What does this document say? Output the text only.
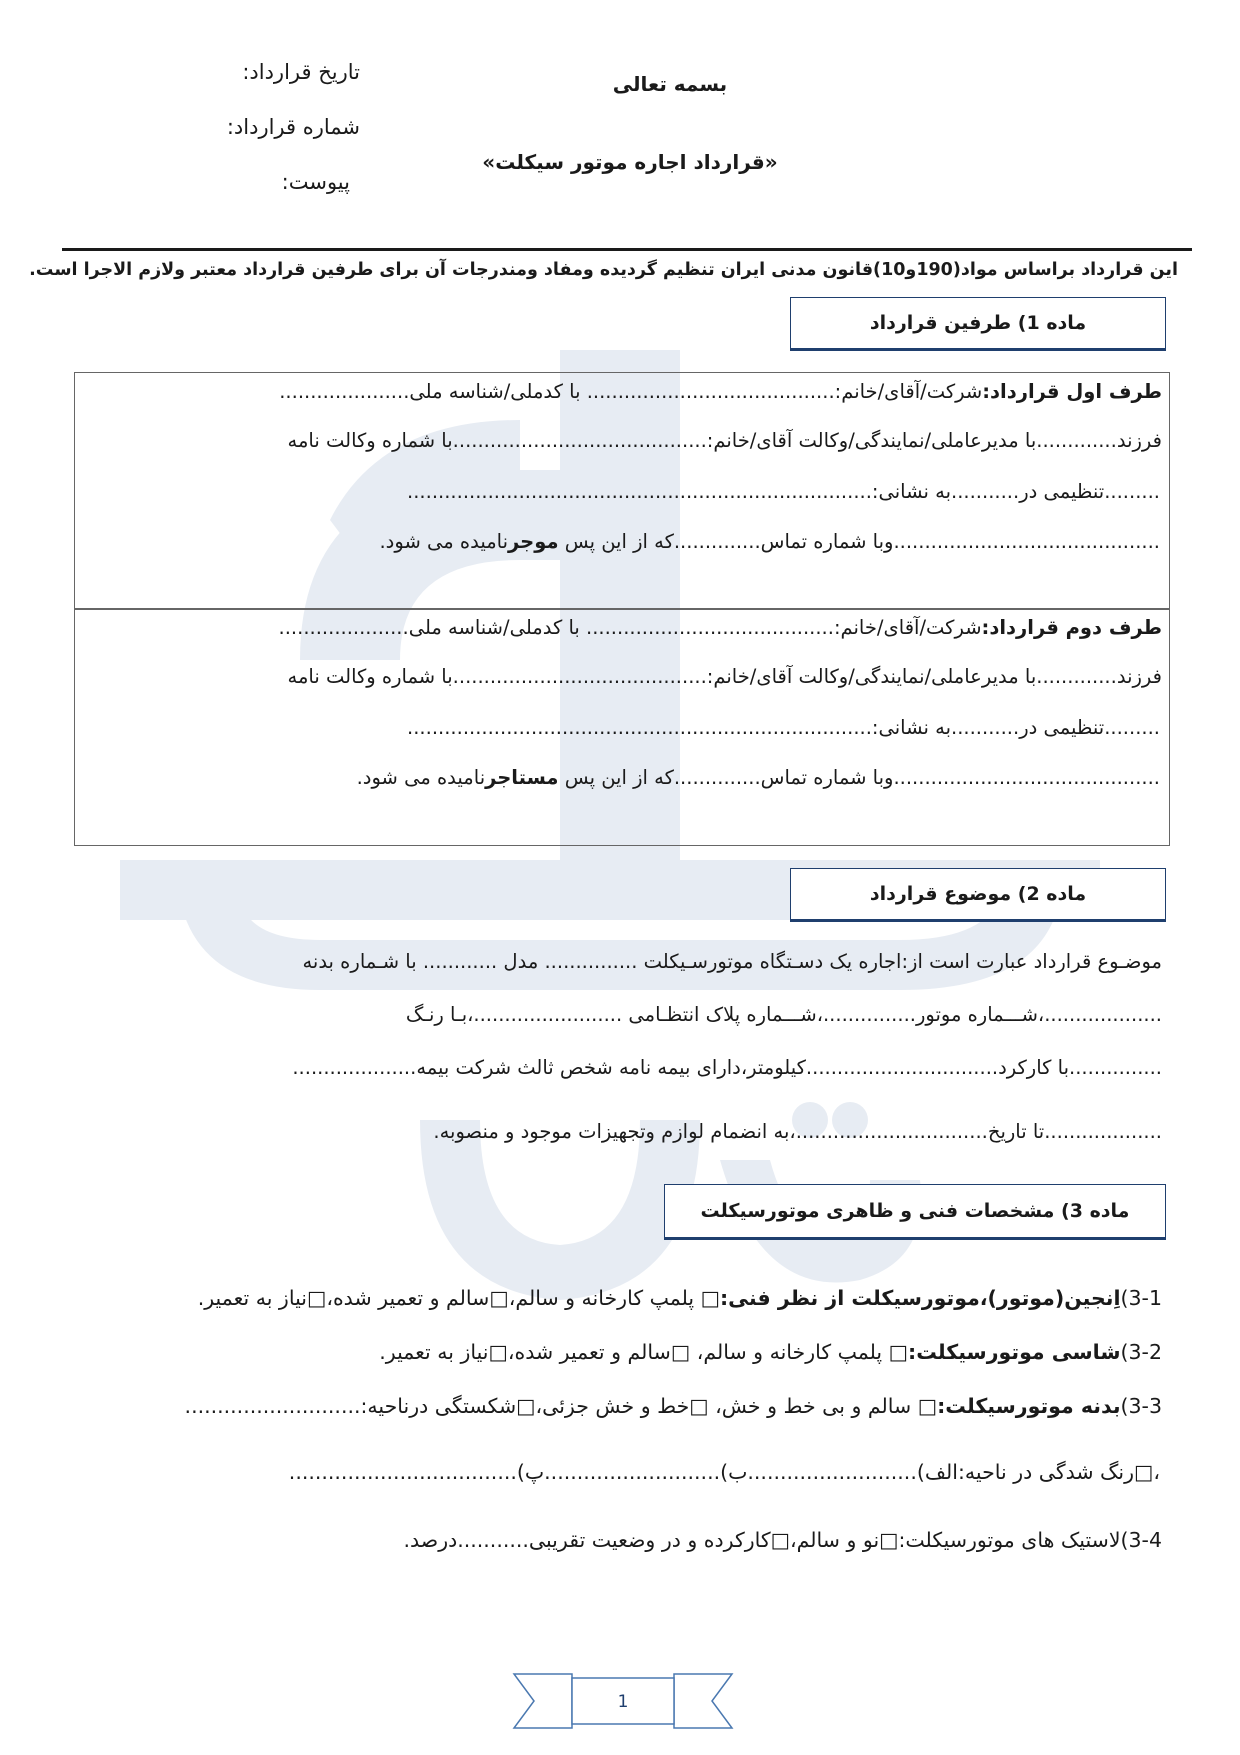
تاریخ قرارداد:
شماره قرارداد:
پیوست:
بسمه تعالی
«قرارداد اجاره موتور سیکلت»
این قرارداد براساس مواد(190و10)قانون مدنی ایران تنظیم گردیده ومفاد ومندرجات آن برای طرفین قرارداد معتبر ولازم الاجرا است.
ماده 1) طرفین قرارداد
طرف اول قرارداد:شرکت/آقای/خانم:........................................ با کدملی/شناسه ملی.....................
فرزند.............با مدیرعاملی/نمایندگی/وکالت آقای/خانم:.........................................با شماره وکالت نامه
.........تنظیمی در...........به نشانی:...........................................................................
...........................................وبا شماره تماس..............که از این پس موجرنامیده می شود.
طرف دوم قرارداد:شرکت/آقای/خانم:........................................ با کدملی/شناسه ملی.....................
فرزند.............با مدیرعاملی/نمایندگی/وکالت آقای/خانم:.........................................با شماره وکالت نامه
.........تنظیمی در...........به نشانی:...........................................................................
...........................................وبا شماره تماس..............که از این پس مستاجرنامیده می شود.
ماده 2) موضوع قرارداد
موضـوع قرارداد عبارت است از:اجاره یک دسـتگاه موتورسـیکلت ............... مدل ............ با شـماره بدنه
...................،شـــماره موتور...............،شـــماره پلاک انتظـامی ........................،بـا رنـگ
...............با کارکرد...............................کیلومتر،دارای بیمه نامه شخص ثالث شرکت بیمه....................
...................تا تاریخ...............................،به انضمام لوازم وتجهیزات موجود و منصوبه.
ماده 3) مشخصات فنی و ظاهری موتورسیکلت
3-1)اِنجین(موتور)،موتورسیکلت از نظر فنی:□ پلمپ کارخانه و سالم،□سالم و تعمیر شده،□نیاز به تعمیر.
3-2)شاسی موتورسیکلت:□ پلمپ کارخانه و سالم، □سالم و تعمیر شده،□نیاز به تعمیر.
3-3)بدنه موتورسیکلت:□ سالم و بی خط و خش، □خط و خش جزئی،□شکستگی درناحیه:...........................
،□رنگ شدگی در ناحیه:الف)..........................ب)...........................پ)...................................
3-4)لاستیک های موتورسیکلت:□نو و سالم،□کارکرده و در وضعیت تقریبی...........درصد.
1
